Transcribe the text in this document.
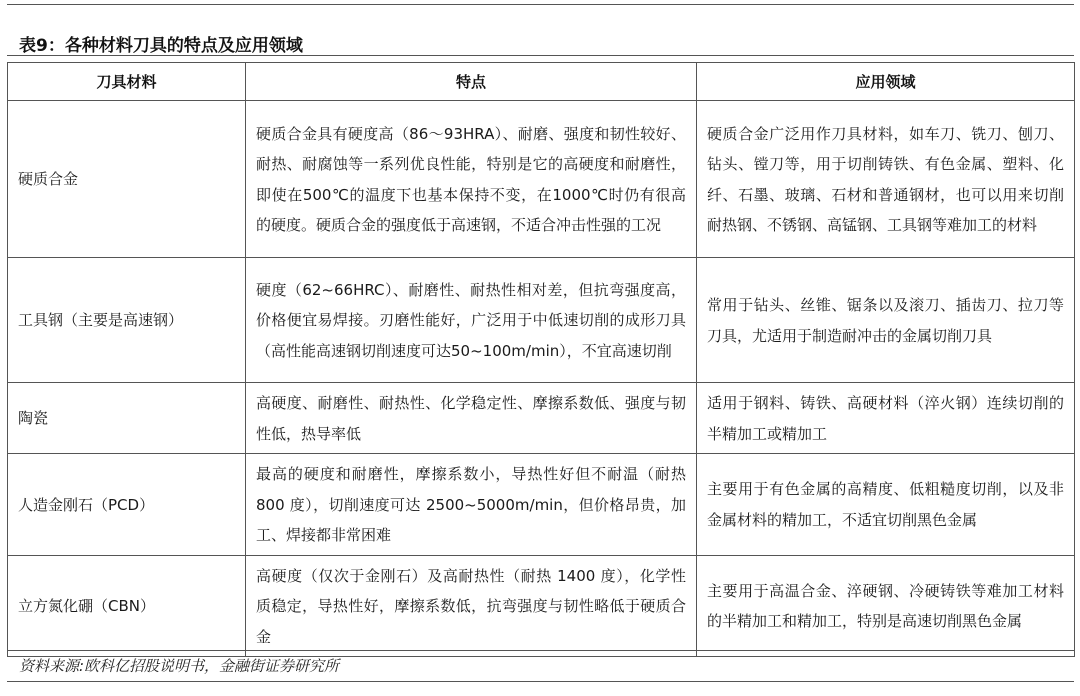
表9：各种材料刀具的特点及应用领域
刀具材料	特点	应用领域
硬质合金	硬质合金具有硬度高（86～93HRA）、耐磨、强度和韧性较好、耐热、耐腐蚀等一系列优良性能，特别是它的高硬度和耐磨性，即使在500℃的温度下也基本保持不变，在1000℃时仍有很高的硬度。硬质合金的强度低于高速钢，不适合冲击性强的工况	硬质合金广泛用作刀具材料，如车刀、铣刀、刨刀、钻头、镗刀等，用于切削铸铁、有色金属、塑料、化纤、石墨、玻璃、石材和普通钢材，也可以用来切削耐热钢、不锈钢、高锰钢、工具钢等难加工的材料
工具钢（主要是高速钢）	硬度（62~66HRC）、耐磨性、耐热性相对差，但抗弯强度高，价格便宜易焊接。刃磨性能好，广泛用于中低速切削的成形刀具（高性能高速钢切削速度可达50~100m/min），不宜高速切削	常用于钻头、丝锥、锯条以及滚刀、插齿刀、拉刀等刀具，尤适用于制造耐冲击的金属切削刀具
陶瓷	高硬度、耐磨性、耐热性、化学稳定性、摩擦系数低、强度与韧性低，热导率低	适用于钢料、铸铁、高硬材料（淬火钢）连续切削的半精加工或精加工
人造金刚石（PCD）	最高的硬度和耐磨性，摩擦系数小，导热性好但不耐温（耐热 800 度），切削速度可达 2500~5000m/min，但价格昂贵，加工、焊接都非常困难	主要用于有色金属的高精度、低粗糙度切削，以及非金属材料的精加工，不适宜切削黑色金属
立方氮化硼（CBN）	高硬度（仅次于金刚石）及高耐热性（耐热 1400 度），化学性质稳定，导热性好，摩擦系数低，抗弯强度与韧性略低于硬质合金	主要用于高温合金、淬硬钢、冷硬铸铁等难加工材料的半精加工和精加工，特别是高速切削黑色金属
资料来源:欧科亿招股说明书，金融街证券研究所
